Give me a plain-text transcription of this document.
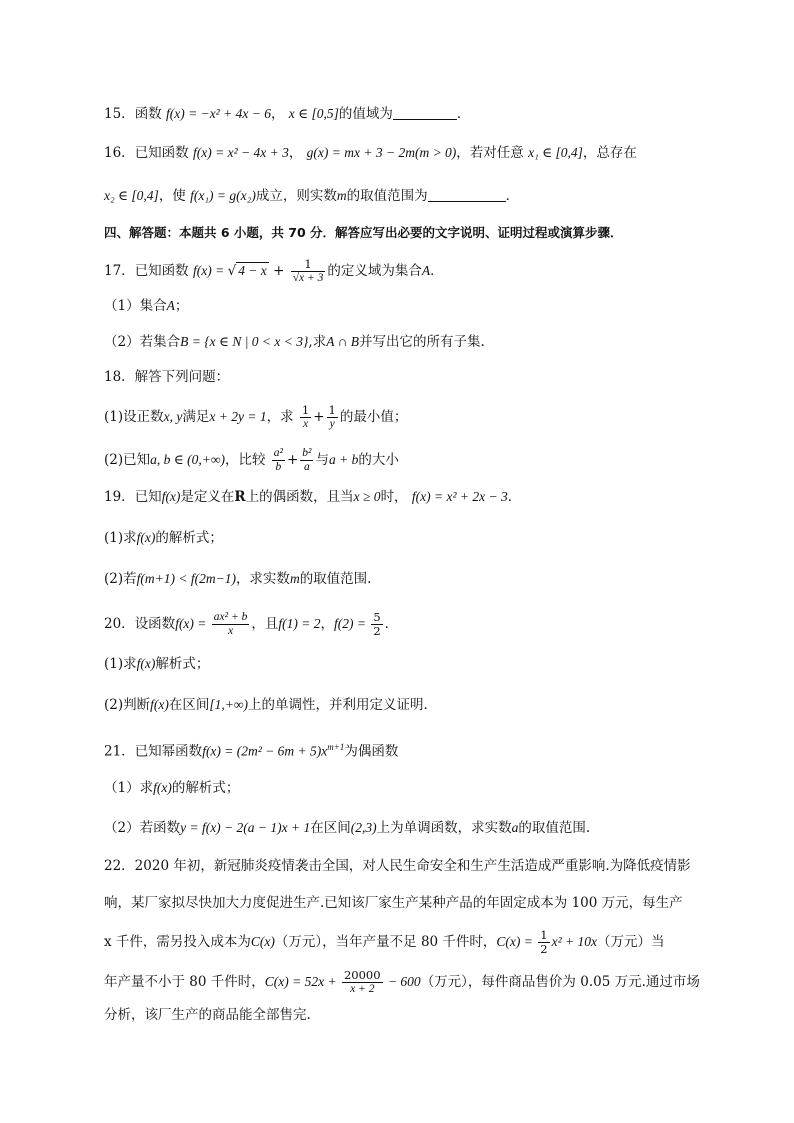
15．函数 f(x) = −x² + 4x − 6， x ∈ [0,5]的值域为	．
16．已知函数 f(x) = x² − 4x + 3， g(x) = mx + 3 − 2m(m > 0)，若对任意 x₁ ∈ [0,4]，总存在
x₂ ∈ [0,4]，使 f(x₁) = g(x₂)成立，则实数m的取值范围为	．
四、解答题：本题共 6 小题，共 70 分．解答应写出必要的文字说明、证明过程或演算步骤．
17．已知函数 f(x) = √ $4 - x + \frac{1}{√x + 3}$ 的定义域为集合A．
（1）集合A；
（2）若集合B = {x ∈ N | 0 < x < 3},求A ∩ B并写出它的所有子集.
18．解答下列问题：
(1)设正数x, y满足x + 2y = 1，求 $\frac{1}{x} + \frac{1}{y}$ 的最小值；
(2)已知a, b ∈ (0,+∞)，比较 $\frac{\text{a²}}{b} + \frac{\text{b²}}{a}$ 与a + b的大小
19．已知f(x)是定义在R上的偶函数，且当x ≥ 0时， f(x) = x² + 2x − 3．
(1)求f(x)的解析式；
(2)若f(m+1) < f(2m−1)，求实数m的取值范围.
20．设函数$f(x) = \frac{\text{ax² + b}}{x}$ ，且f(1) = 2，$f(2) = \frac{5}{2}$ ．
(1)求f(x)解析式；
(2)判断f(x)在区间[1,+∞)上的单调性，并利用定义证明．
21．已知幂函数$f(x) = (2m^2 - 6m + 5)x^{m+1}$为偶函数
（1）求f(x)的解析式；
（2）若函数y = f(x) − 2(a − 1)x + 1在区间(2,3)上为单调函数，求实数a的取值范围.
22．2020 年初，新冠肺炎疫情袭击全国，对人民生命安全和生产生活造成严重影响.为降低疫情影
响，某厂家拟尽快加大力度促进生产.已知该厂家生产某种产品的年固定成本为 100 万元，每生产
x 千件，需另投入成本为C(x)（万元），当年产量不足 80 千件时，$C(x) = \frac{1}{2} x^2 + 10x$（万元）当
年产量不小于 80 千件时，$C(x) = 52x + \frac{20000}{x + 2} - 600$（万元），每件商品售价为 0.05 万元.通过市场
分析，该厂生产的商品能全部售完.
